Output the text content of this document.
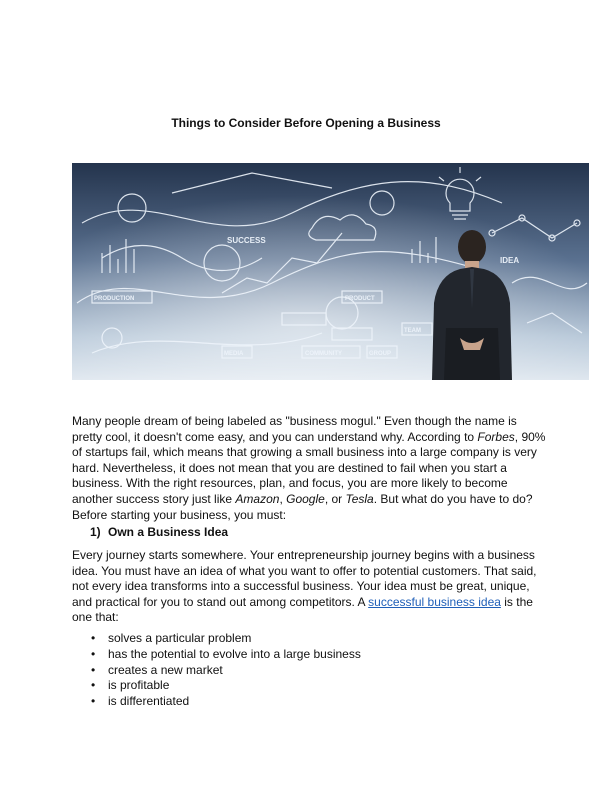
Things to Consider Before Opening a Business
SUCCESS
IDEA
PRODUCTION	PRODUCT
MEDIA	COMMUNITY	GROUP
TEAM
Many people dream of being labeled as "business mogul." Even though the name is pretty cool, it doesn't come easy, and you can understand why. According to Forbes, 90% of startups fail, which means that growing a small business into a large company is very hard. Nevertheless, it does not mean that you are destined to fail when you start a business. With the right resources, plan, and focus, you are more likely to become another success story just like Amazon, Google, or Tesla. But what do you have to do? Before starting your business, you must:
1) Own a Business Idea
Every journey starts somewhere. Your entrepreneurship journey begins with a business idea. You must have an idea of what you want to offer to potential customers. That said, not every idea transforms into a successful business. Your idea must be great, unique, and practical for you to stand out among competitors. A successful business idea is the one that:
• solves a particular problem
• has the potential to evolve into a large business
• creates a new market
• is profitable
• is differentiated
